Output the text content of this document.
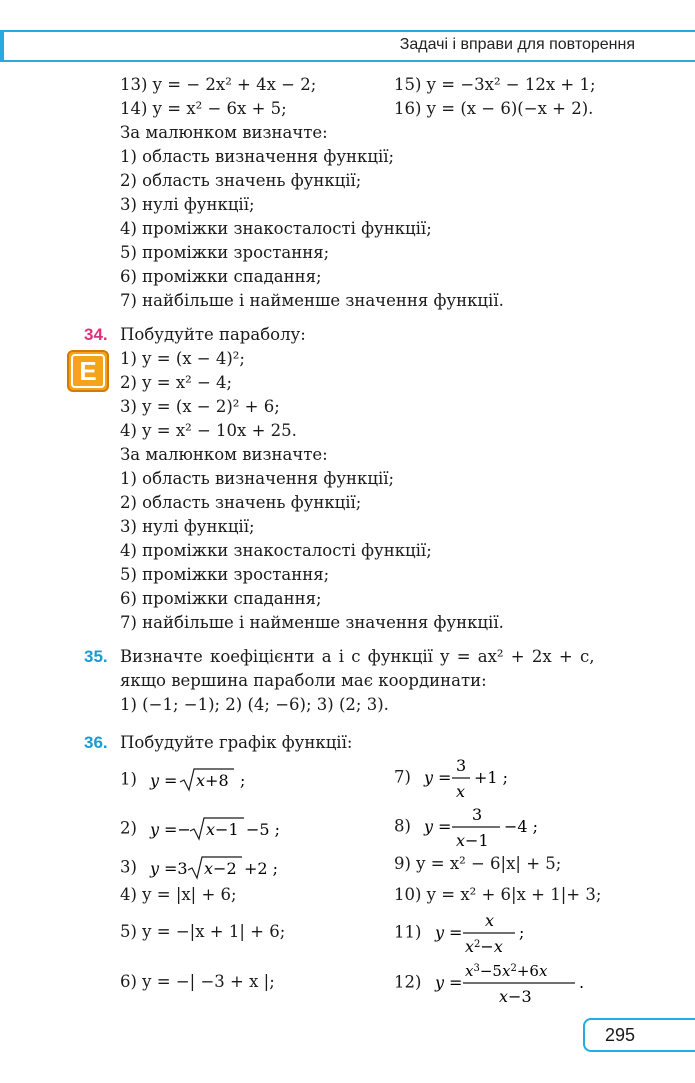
Задачі і вправи для повторення
13) y = − 2x² + 4x − 2;	15) y = −3x² − 12x + 1;
14) y = x² − 6x + 5;	16) y = (x − 6)(−x + 2).
За малюнком визначте:
1) область визначення функції;
2) область значень функції;
3) нулі функції;
4) проміжки знакосталості функції;
5) проміжки зростання;
6) проміжки спадання;
7) найбільше і найменше значення функції.
34.
Е
Побудуйте параболу:
1) y = (x − 4)²;
2) y = x² − 4;
3) y = (x − 2)² + 6;
4) y = x² − 10x + 25.
За малюнком визначте:
1) область визначення функції;
2) область значень функції;
3) нулі функції;
4) проміжки знакосталості функції;
5) проміжки зростання;
6) проміжки спадання;
7) найбільше і найменше значення функції.
35. Визначте коефіцієнти a і c функції y = ax² + 2x + c,
якщо вершина параболи має координати:
1) (−1; −1); 2) (4; −6); 3) (2; 3).
36. Побудуйте графік функції:
1) y = x+8 ;
2) y =− x−1 −5 ;
3) y =3 x−2 +2 ;
4) y = |x| + 6;
5) y = −|x + 1| + 6;
6) y = −| −3 + x |;
7) y =
3
x
+1 ;
8) y =
3
x−1
−4 ;
9) y = x² − 6|x| + 5;
10) y = x² + 6|x + 1|+ 3;
11) y =
x
$x^2-x$
;
12) y =
$x^3-5x^2+6x$
x−3
.
295
